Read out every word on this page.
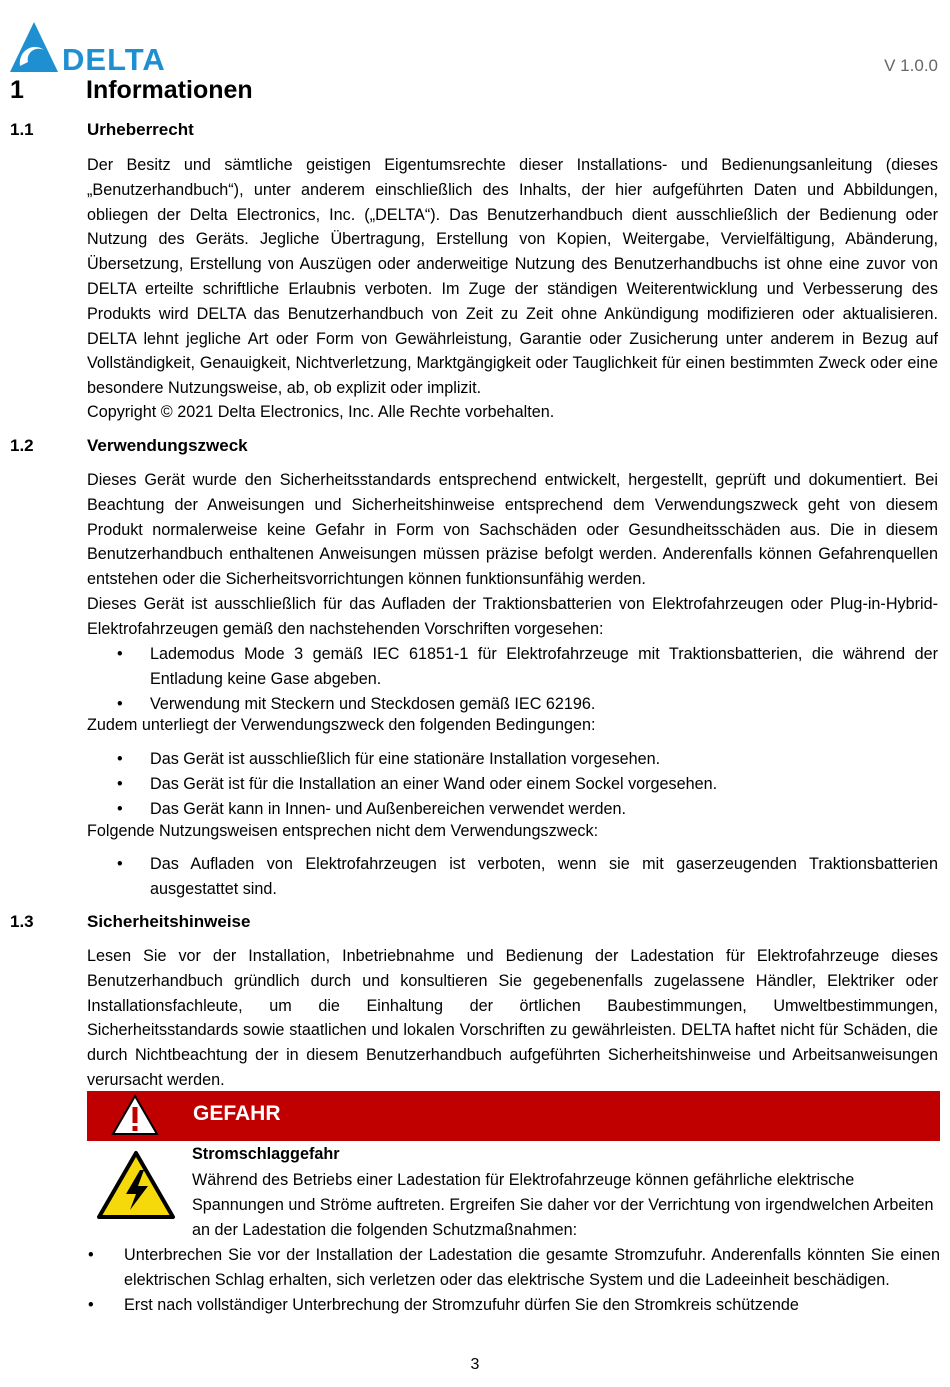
DELTA	V 1.0.0
1 Informationen
1.1	Urheberrecht

Der Besitz und sämtliche geistigen Eigentumsrechte dieser Installations- und Bedienungsanleitung (dieses „Benutzerhandbuch“), unter anderem einschließlich des Inhalts, der hier aufgeführten Daten und Abbildungen, obliegen der Delta Electronics, Inc. („DELTA“). Das Benutzerhandbuch dient ausschließlich der Bedienung oder Nutzung des Geräts. Jegliche Übertragung, Erstellung von Kopien, Weitergabe, Vervielfältigung, Abänderung, Übersetzung, Erstellung von Auszügen oder anderweitige Nutzung des Benutzerhandbuchs ist ohne eine zuvor von DELTA erteilte schriftliche Erlaubnis verboten. Im Zuge der ständigen Weiterentwicklung und Verbesserung des Produkts wird DELTA das Benutzerhandbuch von Zeit zu Zeit ohne Ankündigung modifizieren oder aktualisieren. DELTA lehnt jegliche Art oder Form von Gewährleistung, Garantie oder Zusicherung unter anderem in Bezug auf Vollständigkeit, Genauigkeit, Nichtverletzung, Marktgängigkeit oder Tauglichkeit für einen bestimmten Zweck oder eine besondere Nutzungsweise, ab, ob explizit oder implizit.

Copyright © 2021 Delta Electronics, Inc. Alle Rechte vorbehalten.

1.2	Verwendungszweck

Dieses Gerät wurde den Sicherheitsstandards entsprechend entwickelt, hergestellt, geprüft und dokumentiert. Bei Beachtung der Anweisungen und Sicherheitshinweise entsprechend dem Verwendungszweck geht von diesem Produkt normalerweise keine Gefahr in Form von Sachschäden oder Gesundheitsschäden aus. Die in diesem Benutzerhandbuch enthaltenen Anweisungen müssen präzise befolgt werden. Anderenfalls können Gefahrenquellen entstehen oder die Sicherheitsvorrichtungen können funktionsunfähig werden.

Dieses Gerät ist ausschließlich für das Aufladen der Traktionsbatterien von Elektrofahrzeugen oder Plug-in-Hybrid-Elektrofahrzeugen gemäß den nachstehenden Vorschriften vorgesehen:

• Lademodus Mode 3 gemäß IEC 61851-1 für Elektrofahrzeuge mit Traktionsbatterien, die während der Entladung keine Gase abgeben.
• Verwendung mit Steckern und Steckdosen gemäß IEC 62196.

Zudem unterliegt der Verwendungszweck den folgenden Bedingungen:

• Das Gerät ist ausschließlich für eine stationäre Installation vorgesehen.
• Das Gerät ist für die Installation an einer Wand oder einem Sockel vorgesehen.
• Das Gerät kann in Innen- und Außenbereichen verwendet werden.

Folgende Nutzungsweisen entsprechen nicht dem Verwendungszweck:

• Das Aufladen von Elektrofahrzeugen ist verboten, wenn sie mit gaserzeugenden Traktionsbatterien ausgestattet sind.
1.3	Sicherheitshinweise

Lesen Sie vor der Installation, Inbetriebnahme und Bedienung der Ladestation für Elektrofahrzeuge dieses Benutzerhandbuch gründlich durch und konsultieren Sie gegebenenfalls zugelassene Händler, Elektriker oder Installationsfachleute, um die Einhaltung der örtlichen Baubestimmungen, Umweltbestimmungen, Sicherheitsstandards sowie staatlichen und lokalen Vorschriften zu gewährleisten. DELTA haftet nicht für Schäden, die durch Nichtbeachtung der in diesem Benutzerhandbuch aufgeführten Sicherheitshinweise und Arbeitsanweisungen verursacht werden.

GEFAHR
Stromschlaggefahr

Während des Betriebs einer Ladestation für Elektrofahrzeuge können gefährliche elektrische Spannungen und Ströme auftreten. Ergreifen Sie daher vor der Verrichtung von irgendwelchen Arbeiten an der Ladestation die folgenden Schutzmaßnahmen:

• Unterbrechen Sie vor der Installation der Ladestation die gesamte Stromzufuhr. Anderenfalls könnten Sie einen elektrischen Schlag erhalten, sich verletzen oder das elektrische System und die Ladeeinheit beschädigen.
• Erst nach vollständiger Unterbrechung der Stromzufuhr dürfen Sie den Stromkreis schützende
3
